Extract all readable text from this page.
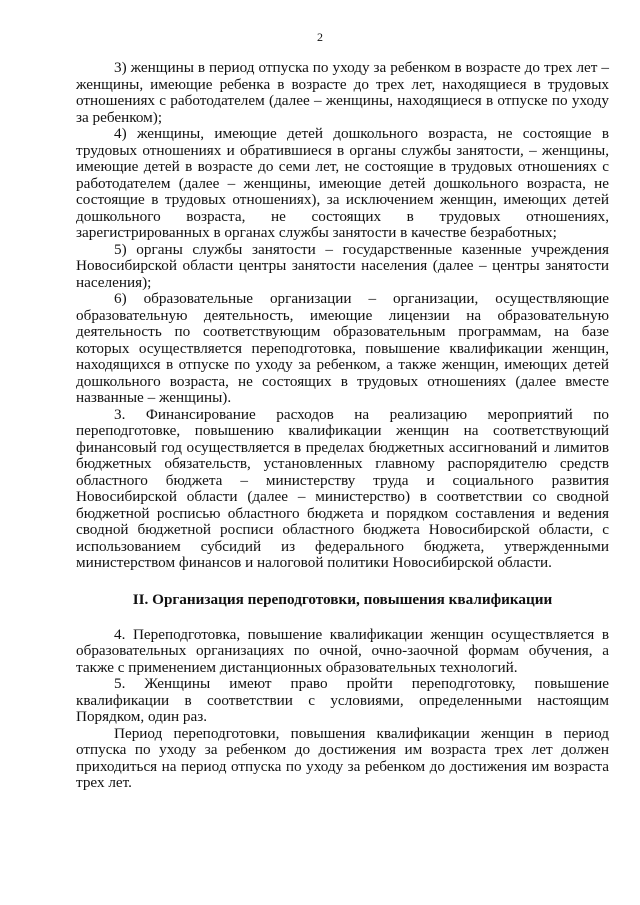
2

3) женщины в период отпуска по уходу за ребенком в возрасте до трех лет – женщины, имеющие ребенка в возрасте до трех лет, находящиеся в трудовых отношениях с работодателем (далее – женщины, находящиеся в отпуске по уходу за ребенком);

4) женщины, имеющие детей дошкольного возраста, не состоящие в трудовых отношениях и обратившиеся в органы службы занятости, – женщины, имеющие детей в возрасте до семи лет, не состоящие в трудовых отношениях с работодателем (далее – женщины, имеющие детей дошкольного возраста, не состоящие в трудовых отношениях), за исключением женщин, имеющих детей дошкольного возраста, не состоящих в трудовых отношениях, зарегистрированных в органах службы занятости в качестве безработных;

5) органы службы занятости – государственные казенные учреждения Новосибирской области центры занятости населения (далее – центры занятости населения);

6) образовательные организации – организации, осуществляющие образовательную деятельность, имеющие лицензии на образовательную деятельность по соответствующим образовательным программам, на базе которых осуществляется переподготовка, повышение квалификации женщин, находящихся в отпуске по уходу за ребенком, а также женщин, имеющих детей дошкольного возраста, не состоящих в трудовых отношениях (далее вместе названные – женщины).

3. Финансирование расходов на реализацию мероприятий по переподготовке, повышению квалификации женщин на соответствующий финансовый год осуществляется в пределах бюджетных ассигнований и лимитов бюджетных обязательств, установленных главному распорядителю средств областного бюджета – министерству труда и социального развития Новосибирской области (далее – министерство) в соответствии со сводной бюджетной росписью областного бюджета и порядком составления и ведения сводной бюджетной росписи областного бюджета Новосибирской области, с использованием субсидий из федерального бюджета, утвержденными министерством финансов и налоговой политики Новосибирской области.

II. Организация переподготовки, повышения квалификации

4. Переподготовка, повышение квалификации женщин осуществляется в образовательных организациях по очной, очно-заочной формам обучения, а также с применением дистанционных образовательных технологий.

5. Женщины имеют право пройти переподготовку, повышение квалификации в соответствии с условиями, определенными настоящим Порядком, один раз.

Период переподготовки, повышения квалификации женщин в период отпуска по уходу за ребенком до достижения им возраста трех лет должен приходиться на период отпуска по уходу за ребенком до достижения им возраста трех лет.
